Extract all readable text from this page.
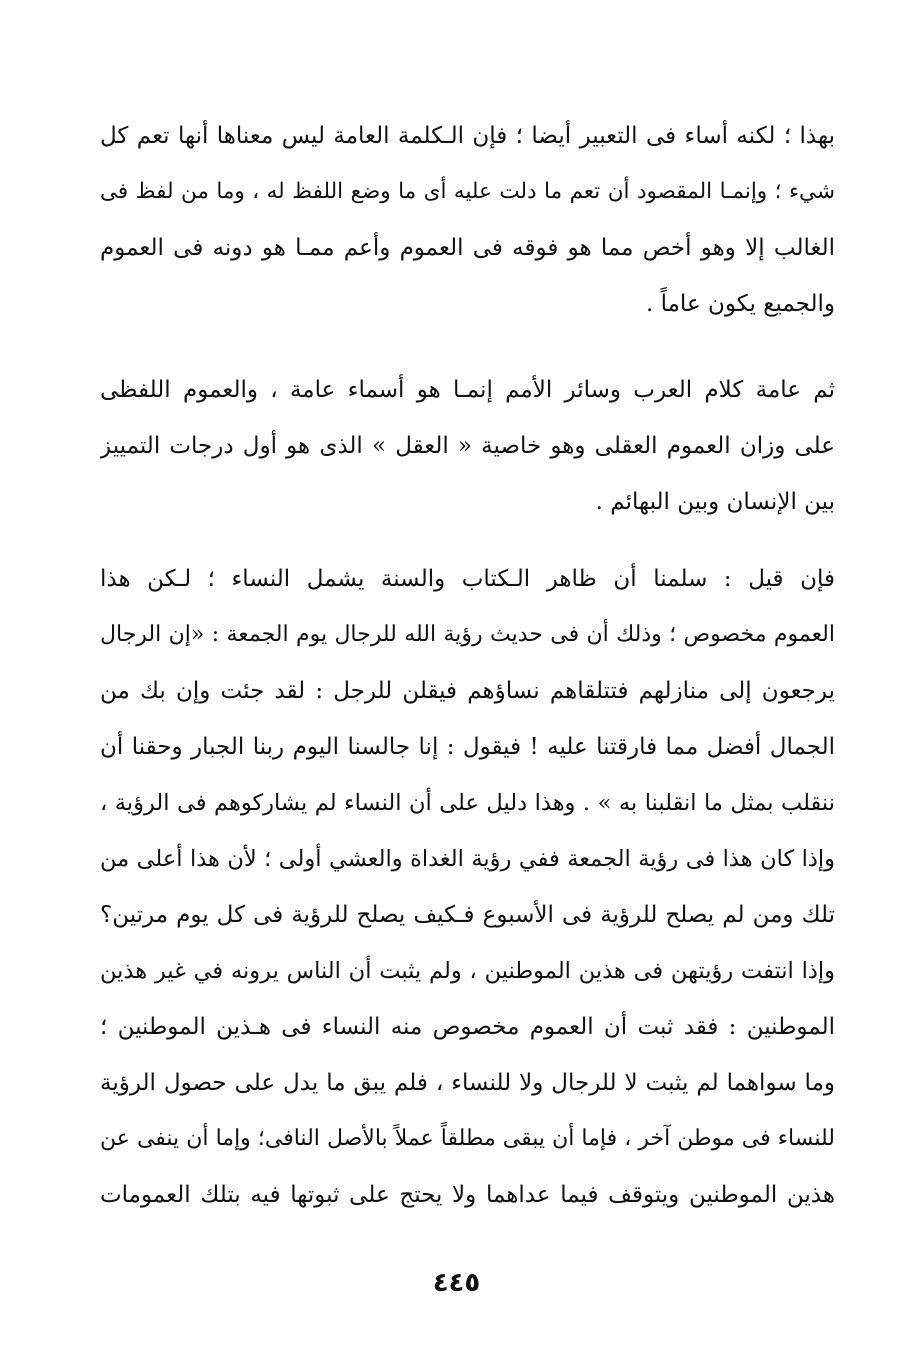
بهذا ؛ لكنه أساء فى التعبير أيضا ؛ فإن الـكلمة العامة ليس معناها أنها تعم كل
شيء ؛ وإنمـا المقصود أن تعم ما دلت عليه أى ما وضع اللفظ له ، وما من لفظ فى
الغالب إلا وهو أخص مما هو فوقه فى العموم وأعم ممـا هو دونه فى العموم
والجميع يكون عاماً .
ثم عامة كلام العرب وسائر الأمم إنمـا هو أسماء عامة ، والعموم اللفظى
على وزان العموم العقلى وهو خاصية « العقل » الذى هو أول درجات التمييز
بين الإنسان وبين البهائم .
فإن قيل : سلمنا أن ظاهر الـكتاب والسنة يشمل النساء ؛ لـكن هذا
العموم مخصوص ؛ وذلك أن فى حديث رؤية الله للرجال يوم الجمعة : «إن الرجال
يرجعون إلى منازلهم فتتلقاهم نساؤهم فيقلن للرجل : لقد جئت وإن بك من
الجمال أفضل مما فارقتنا عليه ! فيقول : إنا جالسنا اليوم ربنا الجبار وحقنا أن
ننقلب بمثل ما انقلبنا به » . وهذا دليل على أن النساء لم يشاركوهم فى الرؤية ،
وإذا كان هذا فى رؤية الجمعة ففي رؤية الغداة والعشي أولى ؛ لأن هذا أعلى من
تلك ومن لم يصلح للرؤية فى الأسبوع فـكيف يصلح للرؤية فى كل يوم مرتين؟
وإذا انتفت رؤيتهن فى هذين الموطنين ، ولم يثبت أن الناس يرونه في غير هذين
الموطنين : فقد ثبت أن العموم مخصوص منه النساء فى هـذين الموطنين ؛
وما سواهما لم يثبت لا للرجال ولا للنساء ، فلم يبق ما يدل على حصول الرؤية
للنساء فى موطن آخر ، فإما أن يبقى مطلقاً عملاً بالأصل النافى؛ وإما أن ينفى عن
هذين الموطنين ويتوقف فيما عداهما ولا يحتج على ثبوتها فيه بتلك العمومات
٤٤٥
